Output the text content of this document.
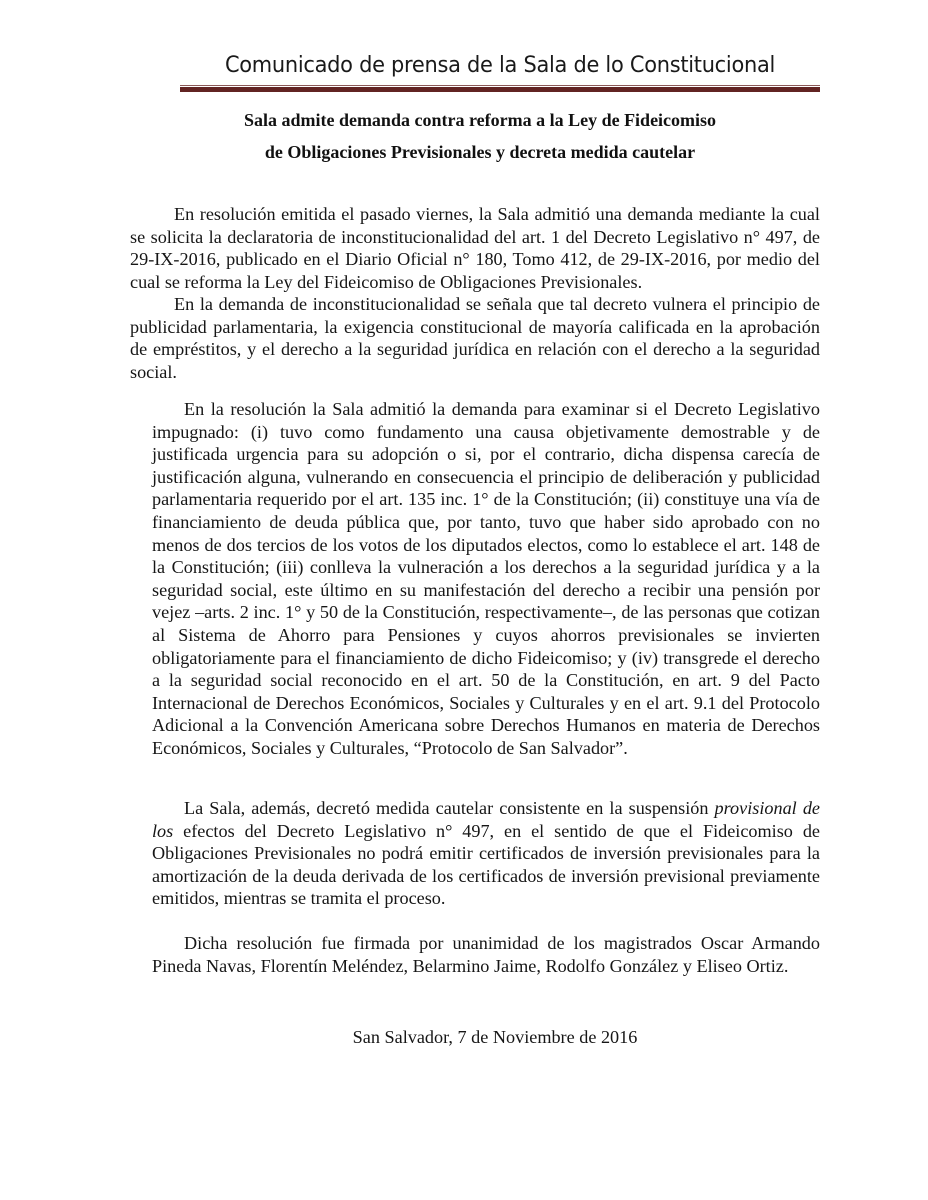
Comunicado de prensa de la Sala de lo Constitucional
Sala admite demanda contra reforma a la Ley de Fideicomiso
de Obligaciones Previsionales y decreta medida cautelar

En resolución emitida el pasado viernes, la Sala admitió una demanda mediante la cual se solicita la declaratoria de inconstitucionalidad del art. 1 del Decreto Legislativo n° 497, de 29-IX-2016, publicado en el Diario Oficial n° 180, Tomo 412, de 29-IX-2016, por medio del cual se reforma la Ley del Fideicomiso de Obligaciones Previsionales.

En la demanda de inconstitucionalidad se señala que tal decreto vulnera el principio de publicidad parlamentaria, la exigencia constitucional de mayoría calificada en la aprobación de empréstitos, y el derecho a la seguridad jurídica en relación con el derecho a la seguridad social.

En la resolución la Sala admitió la demanda para examinar si el Decreto Legislativo impugnado: (i) tuvo como fundamento una causa objetivamente demostrable y de justificada urgencia para su adopción o si, por el contrario, dicha dispensa carecía de justificación alguna, vulnerando en consecuencia el principio de deliberación y publicidad parlamentaria requerido por el art. 135 inc. 1° de la Constitución; (ii) constituye una vía de financiamiento de deuda pública que, por tanto, tuvo que haber sido aprobado con no menos de dos tercios de los votos de los diputados electos, como lo establece el art. 148 de la Constitución; (iii) conlleva la vulneración a los derechos a la seguridad jurídica y a la seguridad social, este último en su manifestación del derecho a recibir una pensión por vejez –arts. 2 inc. 1° y 50 de la Constitución, respectivamente–, de las personas que cotizan al Sistema de Ahorro para Pensiones y cuyos ahorros previsionales se invierten obligatoriamente para el financiamiento de dicho Fideicomiso; y (iv) transgrede el derecho a la seguridad social reconocido en el art. 50 de la Constitución, en art. 9 del Pacto Internacional de Derechos Económicos, Sociales y Culturales y en el art. 9.1 del Protocolo Adicional a la Convención Americana sobre Derechos Humanos en materia de Derechos Económicos, Sociales y Culturales, “Protocolo de San Salvador”.

La Sala, además, decretó medida cautelar consistente en la suspensión provisional de los efectos del Decreto Legislativo n° 497, en el sentido de que el Fideicomiso de Obligaciones Previsionales no podrá emitir certificados de inversión previsionales para la amortización de la deuda derivada de los certificados de inversión previsional previamente emitidos, mientras se tramita el proceso.

Dicha resolución fue firmada por unanimidad de los magistrados Oscar Armando Pineda Navas, Florentín Meléndez, Belarmino Jaime, Rodolfo González y Eliseo Ortiz.

San Salvador, 7 de Noviembre de 2016
